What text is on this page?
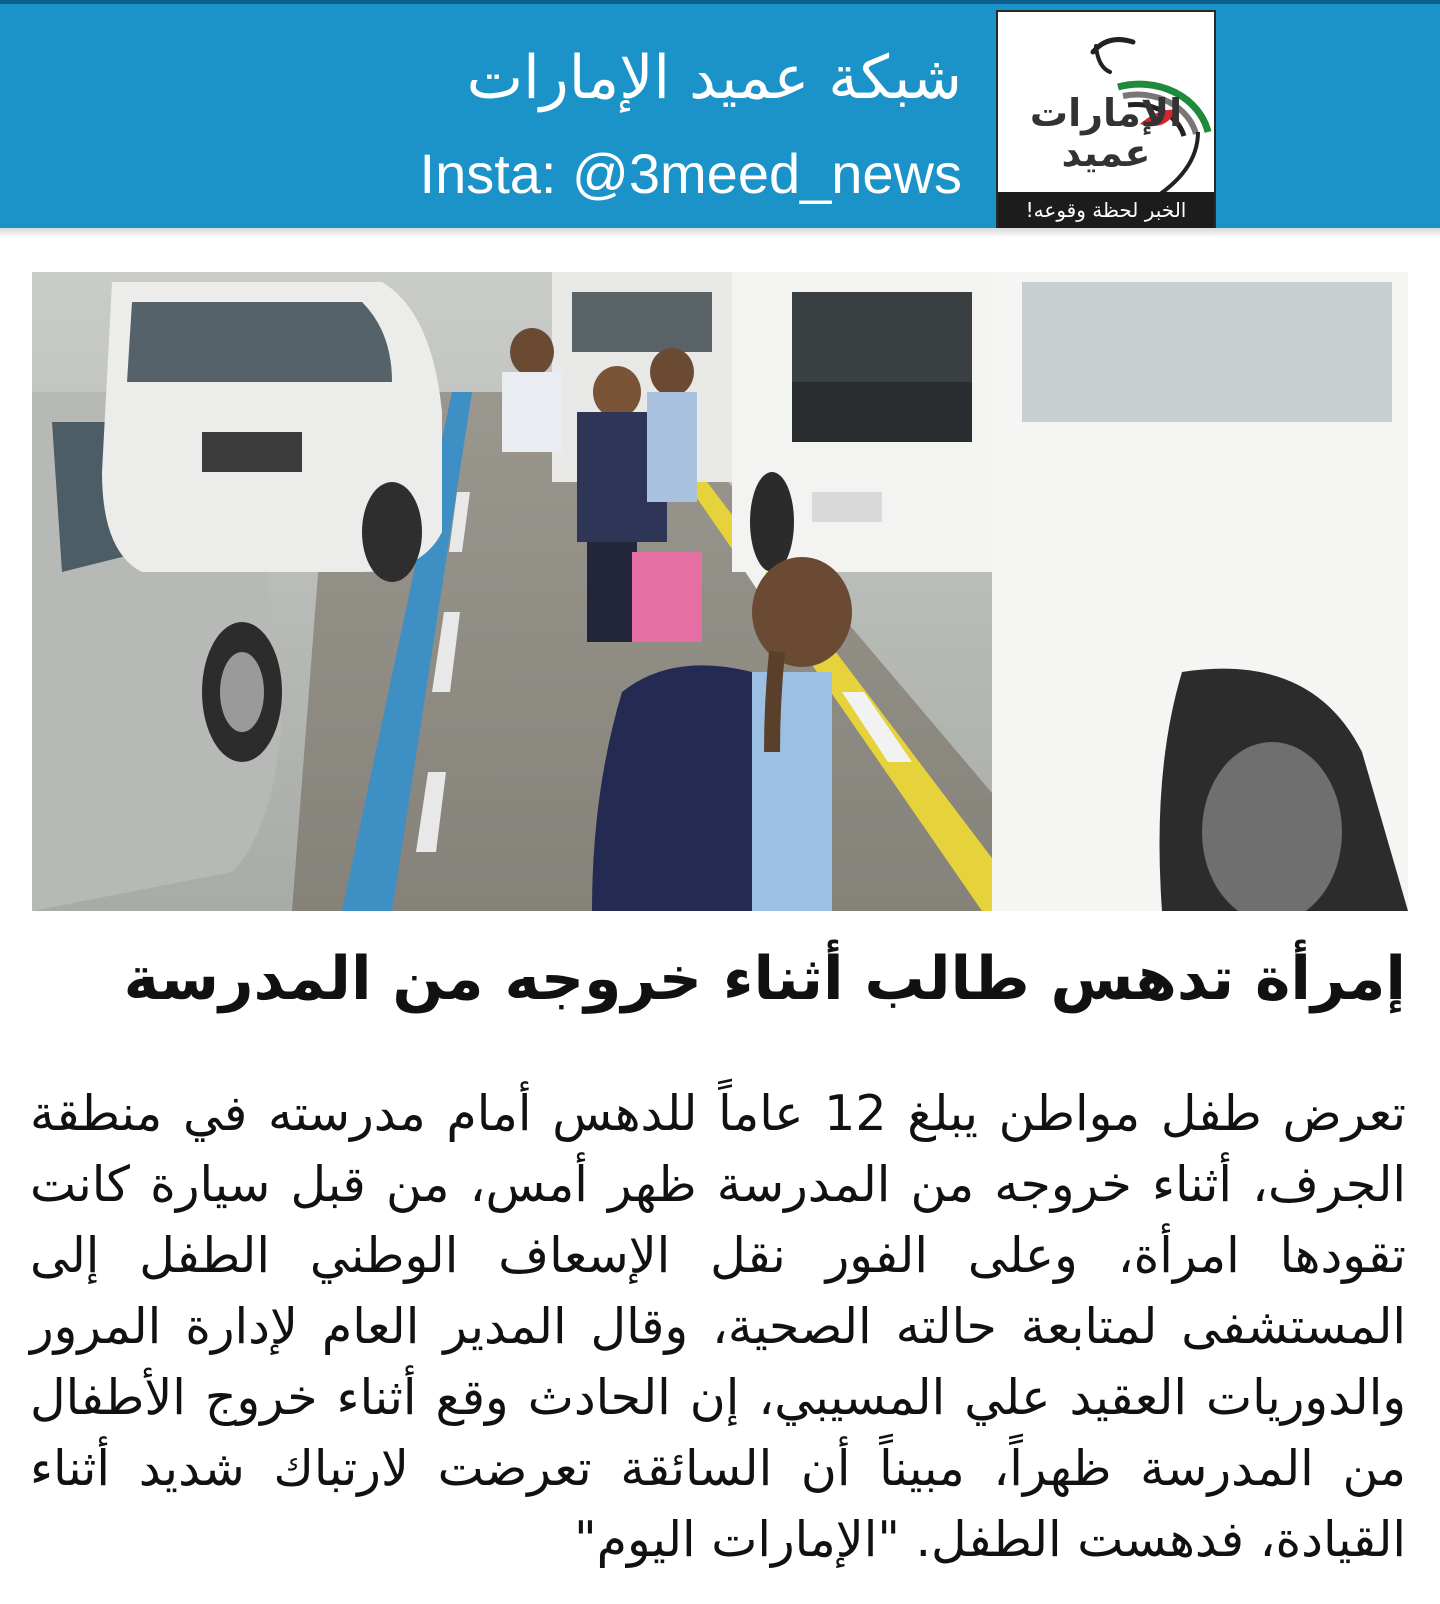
شبكة عميد الإمارات
Insta: @3meed_news
الإمارات عميد
الخبر لحظة وقوعه!
إمرأة تدهس طالب أثناء خروجه من المدرسة
تعرض طفل مواطن يبلغ 12 عاماً للدهس أمام مدرسته في منطقة الجرف، أثناء خروجه من المدرسة ظهر أمس، من قبل سيارة كانت تقودها امرأة، وعلى الفور نقل الإسعاف الوطني الطفل إلى المستشفى لمتابعة حالته الصحية، وقال المدير العام لإدارة المرور والدوريات العقيد علي المسيبي، إن الحادث وقع أثناء خروج الأطفال من المدرسة ظهراً، مبيناً أن السائقة تعرضت لارتباك شديد أثناء القيادة، فدهست الطفل. "الإمارات اليوم"
